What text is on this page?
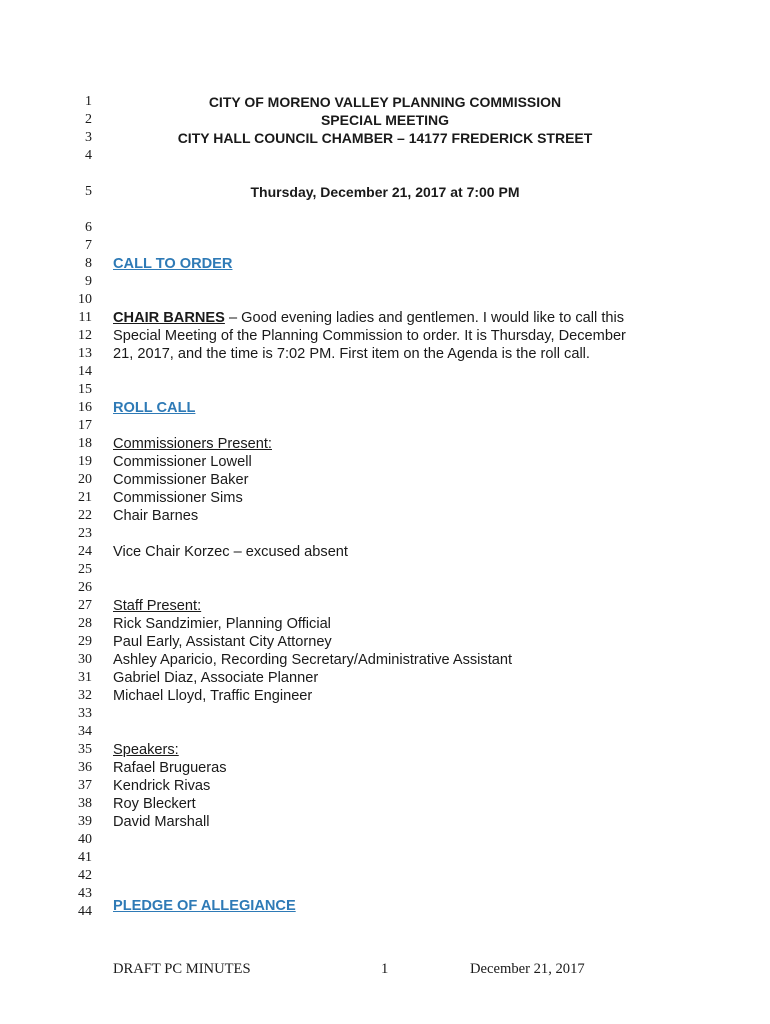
1
2
3
4
5
6
7
8
9
10
11
12
13
14
15
16
17
18
19
20
21
22
23
24
25
26
27
28
29
30
31
32
33
34
35
36
37
38
39
40
41
42
43
44
CITY OF MORENO VALLEY PLANNING COMMISSION
SPECIAL MEETING
CITY HALL COUNCIL CHAMBER – 14177 FREDERICK STREET
Thursday, December 21, 2017 at 7:00 PM
CALL TO ORDER
CHAIR BARNES – Good evening ladies and gentlemen. I would like to call this
Special Meeting of the Planning Commission to order. It is Thursday, December
21, 2017, and the time is 7:02 PM. First item on the Agenda is the roll call.
ROLL CALL
Commissioners Present:
Commissioner Lowell
Commissioner Baker
Commissioner Sims
Chair Barnes
Vice Chair Korzec – excused absent
Staff Present:
Rick Sandzimier, Planning Official
Paul Early, Assistant City Attorney
Ashley Aparicio, Recording Secretary/Administrative Assistant
Gabriel Diaz, Associate Planner
Michael Lloyd, Traffic Engineer
Speakers:
Rafael Brugueras
Kendrick Rivas
Roy Bleckert
David Marshall
PLEDGE OF ALLEGIANCE
DRAFT PC MINUTES	1	December 21, 2017
